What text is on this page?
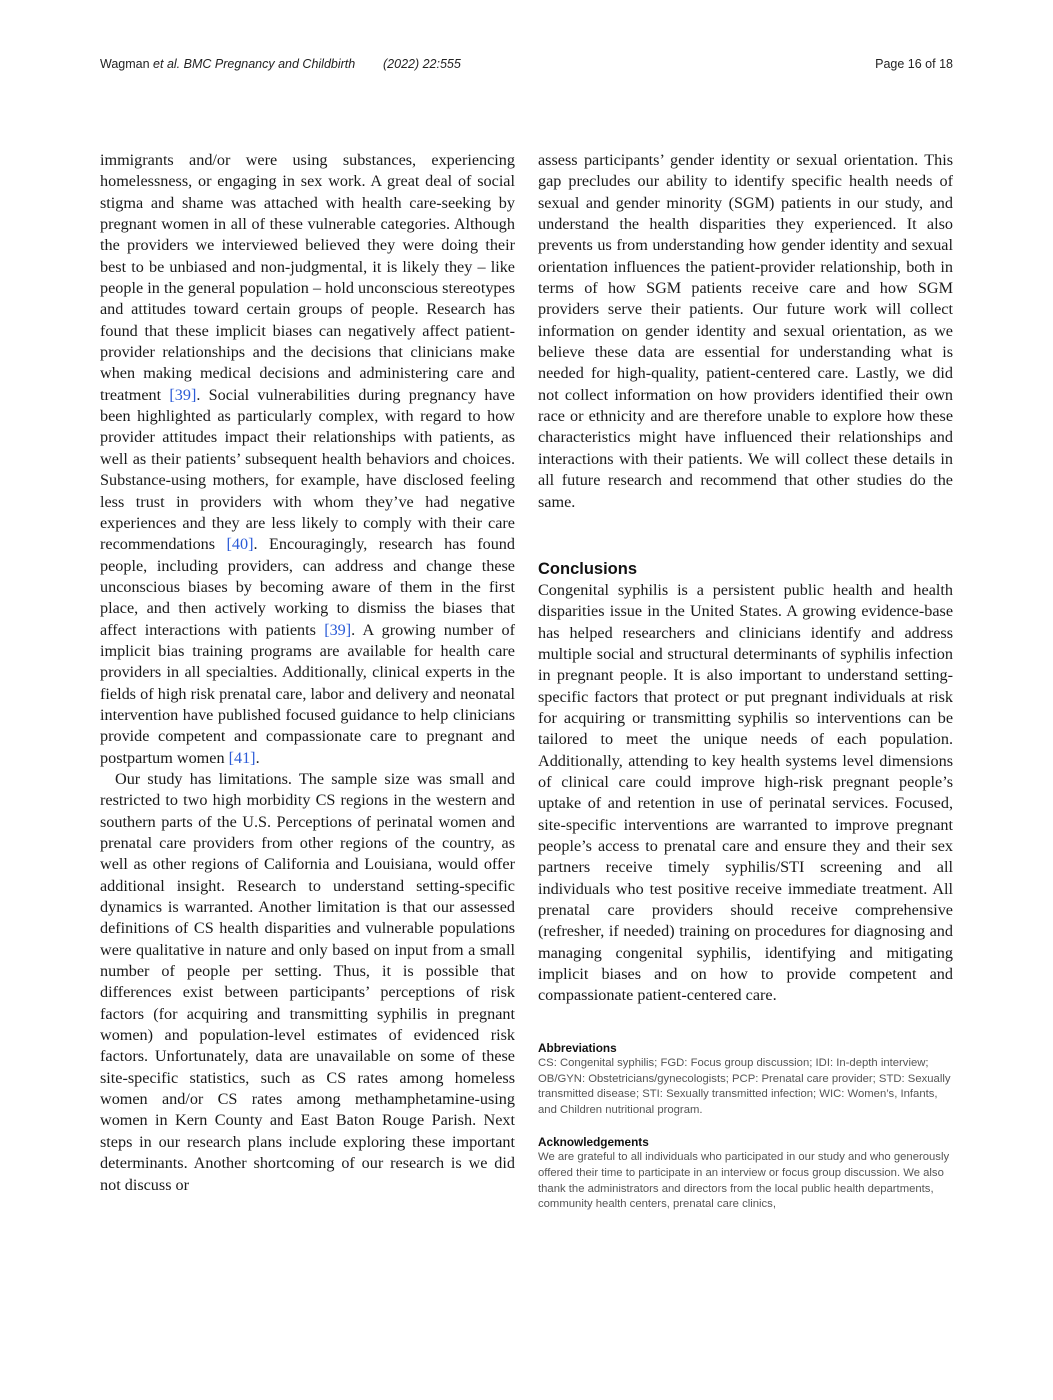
Wagman et al. BMC Pregnancy and Childbirth (2022) 22:555	Page 16 of 18

immigrants and/or were using substances, experiencing homelessness, or engaging in sex work. A great deal of social stigma and shame was attached with health care-seeking by pregnant women in all of these vulnerable categories. Although the providers we interviewed believed they were doing their best to be unbiased and non-judgmental, it is likely they – like people in the general population – hold unconscious stereotypes and attitudes toward certain groups of people. Research has found that these implicit biases can negatively affect patient-provider relationships and the decisions that clinicians make when making medical decisions and administering care and treatment [39]. Social vulnerabilities during pregnancy have been highlighted as particularly complex, with regard to how provider attitudes impact their relationships with patients, as well as their patients’ subsequent health behaviors and choices. Substance-using mothers, for example, have disclosed feeling less trust in providers with whom they’ve had negative experiences and they are less likely to comply with their care recommendations [40]. Encouragingly, research has found people, including providers, can address and change these unconscious biases by becoming aware of them in the first place, and then actively working to dismiss the biases that affect interactions with patients [39]. A growing number of implicit bias training programs are available for health care providers in all specialties. Additionally, clinical experts in the fields of high risk prenatal care, labor and delivery and neonatal intervention have published focused guidance to help clinicians provide competent and compassionate care to pregnant and postpartum women [41].

Our study has limitations. The sample size was small and restricted to two high morbidity CS regions in the western and southern parts of the U.S. Perceptions of perinatal women and prenatal care providers from other regions of the country, as well as other regions of California and Louisiana, would offer additional insight. Research to understand setting-specific dynamics is warranted. Another limitation is that our assessed definitions of CS health disparities and vulnerable populations were qualitative in nature and only based on input from a small number of people per setting. Thus, it is possible that differences exist between participants’ perceptions of risk factors (for acquiring and transmitting syphilis in pregnant women) and population-level estimates of evidenced risk factors. Unfortunately, data are unavailable on some of these site-specific statistics, such as CS rates among homeless women and/or CS rates among methamphetamine-using women in Kern County and East Baton Rouge Parish. Next steps in our research plans include exploring these important determinants. Another shortcoming of our research is we did not discuss or

assess participants’ gender identity or sexual orientation. This gap precludes our ability to identify specific health needs of sexual and gender minority (SGM) patients in our study, and understand the health disparities they experienced. It also prevents us from understanding how gender identity and sexual orientation influences the patient-provider relationship, both in terms of how SGM patients receive care and how SGM providers serve their patients. Our future work will collect information on gender identity and sexual orientation, as we believe these data are essential for understanding what is needed for high-quality, patient-centered care. Lastly, we did not collect information on how providers identified their own race or ethnicity and are therefore unable to explore how these characteristics might have influenced their relationships and interactions with their patients. We will collect these details in all future research and recommend that other studies do the same.

Conclusions

Congenital syphilis is a persistent public health and health disparities issue in the United States. A growing evidence-base has helped researchers and clinicians identify and address multiple social and structural determinants of syphilis infection in pregnant people. It is also important to understand setting-specific factors that protect or put pregnant individuals at risk for acquiring or transmitting syphilis so interventions can be tailored to meet the unique needs of each population. Additionally, attending to key health systems level dimensions of clinical care could improve high-risk pregnant people’s uptake of and retention in use of perinatal services. Focused, site-specific interventions are warranted to improve pregnant people’s access to prenatal care and ensure they and their sex partners receive timely syphilis/STI screening and all individuals who test positive receive immediate treatment. All prenatal care providers should receive comprehensive (refresher, if needed) training on procedures for diagnosing and managing congenital syphilis, identifying and mitigating implicit biases and on how to provide competent and compassionate patient-centered care.

Abbreviations

CS: Congenital syphilis; FGD: Focus group discussion; IDI: In-depth interview; OB/GYN: Obstetricians/gynecologists; PCP: Prenatal care provider; STD: Sexually transmitted disease; STI: Sexually transmitted infection; WIC: Women’s, Infants, and Children nutritional program.

Acknowledgements

We are grateful to all individuals who participated in our study and who generously offered their time to participate in an interview or focus group discussion. We also thank the administrators and directors from the local public health departments, community health centers, prenatal care clinics,
